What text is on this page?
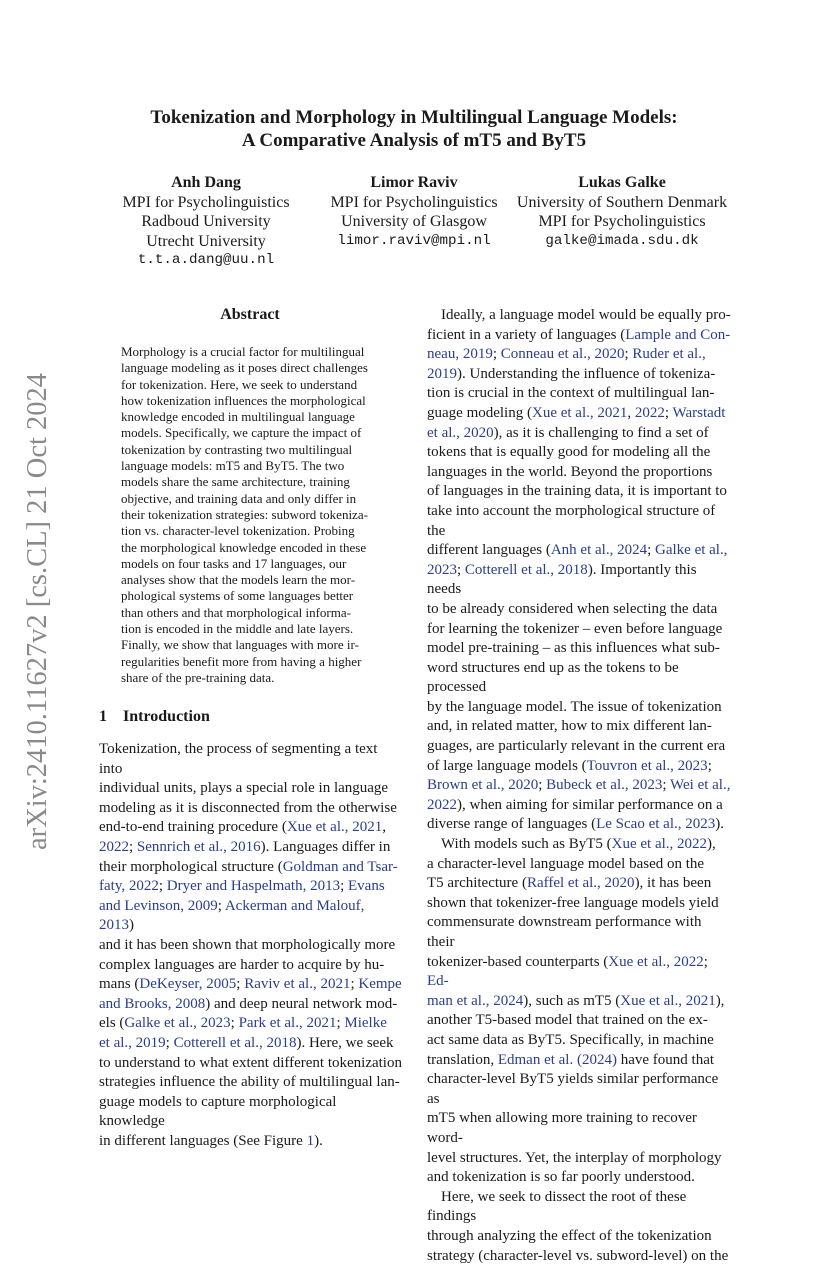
Tokenization and Morphology in Multilingual Language Models:
A Comparative Analysis of mT5 and ByT5
Anh Dang
MPI for Psycholinguistics
Radboud University
Utrecht University
t.t.a.dang@uu.nl
Limor Raviv
MPI for Psycholinguistics
University of Glasgow
limor.raviv@mpi.nl
Lukas Galke
University of Southern Denmark
MPI for Psycholinguistics
galke@imada.sdu.dk
arXiv:2410.11627v2 [cs.CL] 21 Oct 2024
Abstract
Morphology is a crucial factor for multilingual
language modeling as it poses direct challenges
for tokenization. Here, we seek to understand
how tokenization influences the morphological
knowledge encoded in multilingual language
models. Specifically, we capture the impact of
tokenization by contrasting two multilingual
language models: mT5 and ByT5. The two
models share the same architecture, training
objective, and training data and only differ in
their tokenization strategies: subword tokeniza-
tion vs. character-level tokenization. Probing
the morphological knowledge encoded in these
models on four tasks and 17 languages, our
analyses show that the models learn the mor-
phological systems of some languages better
than others and that morphological informa-
tion is encoded in the middle and late layers.
Finally, we show that languages with more ir-
regularities benefit more from having a higher
share of the pre-training data.
1 Introduction

Tokenization, the process of segmenting a text into
individual units, plays a special role in language
modeling as it is disconnected from the otherwise
end-to-end training procedure (Xue et al., 2021,
2022; Sennrich et al., 2016). Languages differ in
their morphological structure (Goldman and Tsar-
faty, 2022; Dryer and Haspelmath, 2013; Evans
and Levinson, 2009; Ackerman and Malouf, 2013)
and it has been shown that morphologically more
complex languages are harder to acquire by hu-
mans (DeKeyser, 2005; Raviv et al., 2021; Kempe
and Brooks, 2008) and deep neural network mod-
els (Galke et al., 2023; Park et al., 2021; Mielke
et al., 2019; Cotterell et al., 2018). Here, we seek
to understand to what extent different tokenization
strategies influence the ability of multilingual lan-
guage models to capture morphological knowledge
in different languages (See Figure 1).

Ideally, a language model would be equally pro-
ficient in a variety of languages (Lample and Con-
neau, 2019; Conneau et al., 2020; Ruder et al.,
2019). Understanding the influence of tokeniza-
tion is crucial in the context of multilingual lan-
guage modeling (Xue et al., 2021, 2022; Warstadt
et al., 2020), as it is challenging to find a set of
tokens that is equally good for modeling all the
languages in the world. Beyond the proportions
of languages in the training data, it is important to
take into account the morphological structure of the
different languages (Anh et al., 2024; Galke et al.,
2023; Cotterell et al., 2018). Importantly this needs
to be already considered when selecting the data
for learning the tokenizer – even before language
model pre-training – as this influences what sub-
word structures end up as the tokens to be processed
by the language model. The issue of tokenization
and, in related matter, how to mix different lan-
guages, are particularly relevant in the current era
of large language models (Touvron et al., 2023;
Brown et al., 2020; Bubeck et al., 2023; Wei et al.,
2022), when aiming for similar performance on a
diverse range of languages (Le Scao et al., 2023).

With models such as ByT5 (Xue et al., 2022),
a character-level language model based on the
T5 architecture (Raffel et al., 2020), it has been
shown that tokenizer-free language models yield
commensurate downstream performance with their
tokenizer-based counterparts (Xue et al., 2022; Ed-
man et al., 2024), such as mT5 (Xue et al., 2021),
another T5-based model that trained on the ex-
act same data as ByT5. Specifically, in machine
translation, Edman et al. (2024) have found that
character-level ByT5 yields similar performance as
mT5 when allowing more training to recover word-
level structures. Yet, the interplay of morphology
and tokenization is so far poorly understood.

Here, we seek to dissect the root of these findings
through analyzing the effect of the tokenization
strategy (character-level vs. subword-level) on the
